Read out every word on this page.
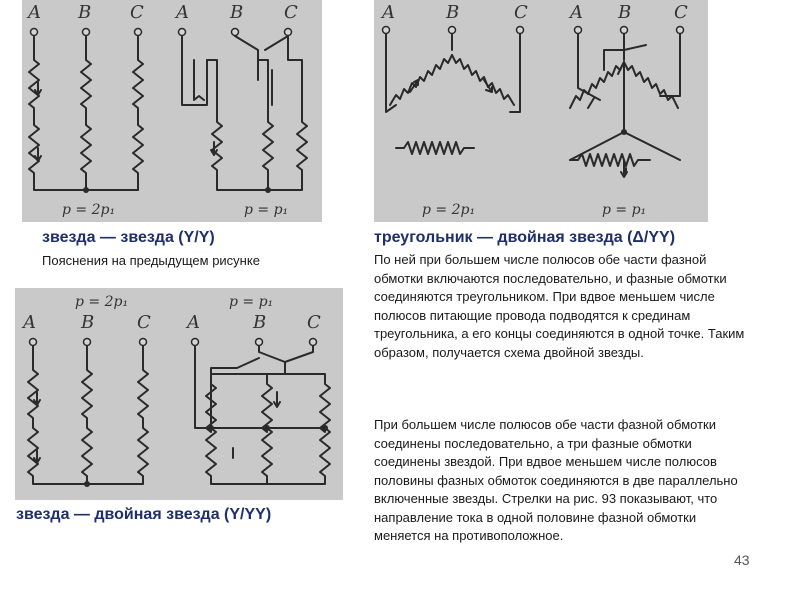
A B C A B C
p = 2p₁	p = p₁
звезда — звезда (Y/Y)
Пояснения на предыдущем рисунке
A	B	C A B C
p = 2p₁	p = p₁
треугольник — двойная звезда (Δ/YY)
По ней при большем числе полюсов обе части фазной обмотки включаются последовательно, и фазные обмотки соединяются треугольником. При вдвое меньшем числе полюсов питающие провода подводятся к срединам треугольника, а его концы соединяются в одной точке. Таким образом, получается схема двойной звезды.
При большем числе полюсов обе части фазной обмотки соединены последовательно, а три фазные обмотки соединены звездой. При вдвое меньшем числе полюсов половины фазных обмоток соединяются в две параллельно включенные звезды. Стрелки на рис. 93 показывают, что направление тока в одной половине фазной обмотки меняется на противоположное.
A	B C A	B C
p = 2p₁	p = p₁
звезда — двойная звезда (Y/YY)
43
